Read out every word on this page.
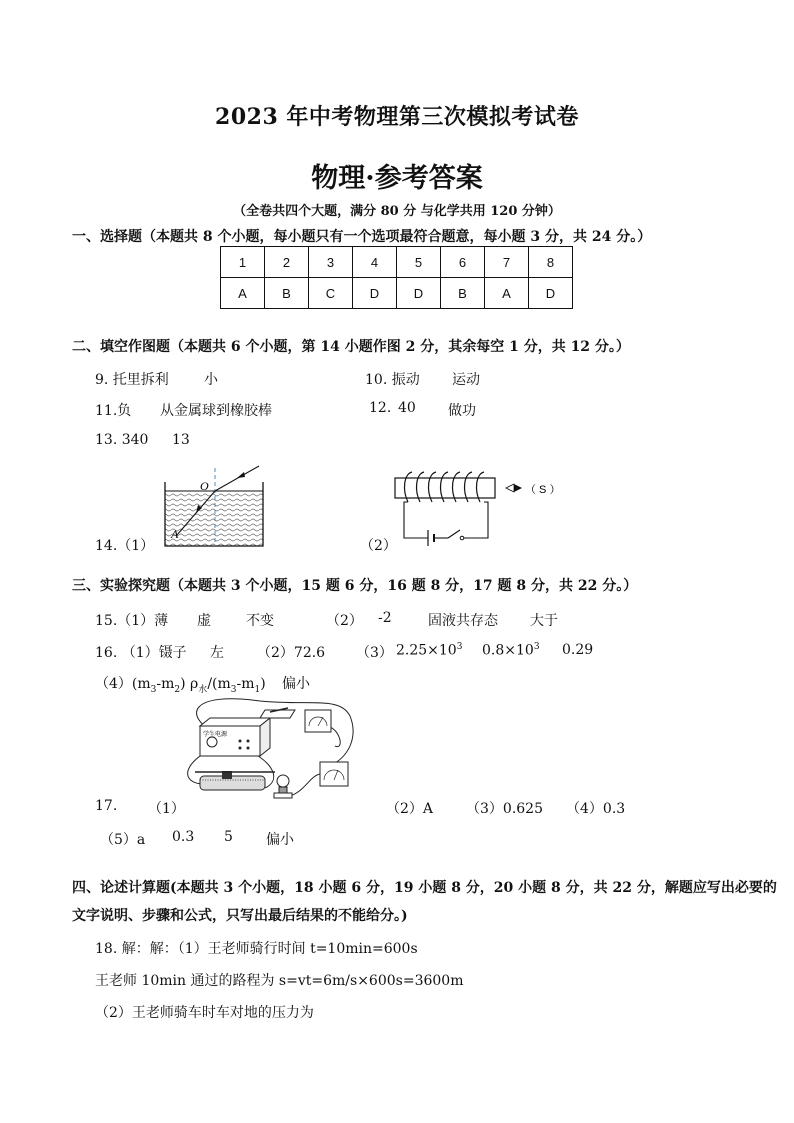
2023 年中考物理第三次模拟考试卷
物理·参考答案
（全卷共四个大题，满分 80 分 与化学共用 120 分钟）
一、选择题（本题共 8 个小题，每小题只有一个选项最符合题意，每小题 3 分，共 24 分。）
1	2	3	4	5	6	7	8
A	B	C	D	D	B	A	D
二、填空作图题（本题共 6 个小题，第 14 小题作图 2 分，其余每空 1 分，共 12 分。）
9. 托里拆利	小	10. 振动 运动
11.负 从金属球到橡胶棒	12. 40 做功
13. 340 13
14.（1）	（2）
O
A
（ S ）
三、实验探究题（本题共 3 个小题，15 题 6 分，16 题 8 分，17 题 8 分，共 22 分。）
15.（1）薄 虚	不变	（2） -2	固液共存态 大于
16. （1）镊子 左 （2）72.6 （3） $2.25\times 10^3$ $0.8\times 10^3$ 0.29
$(4)(m_3-m_2)$ $\rho_水/(m_3-m_1)$ 偏小
学生电源
17. （1）	（2）A （3）0.625 （4）0.3
（5）a 0.3 5 偏小
四、论述计算题(本题共 3 个小题，18 小题 6 分，19 小题 8 分，20 小题 8 分，共 22 分，解题应写出必要的
文字说明、步骤和公式，只写出最后结果的不能给分。)
18. 解：解：（1）王老师骑行时间 t=10min=600s
王老师 10min 通过的路程为 s=vt=6m/s×600s=3600m
（2）王老师骑车时车对地的压力为
